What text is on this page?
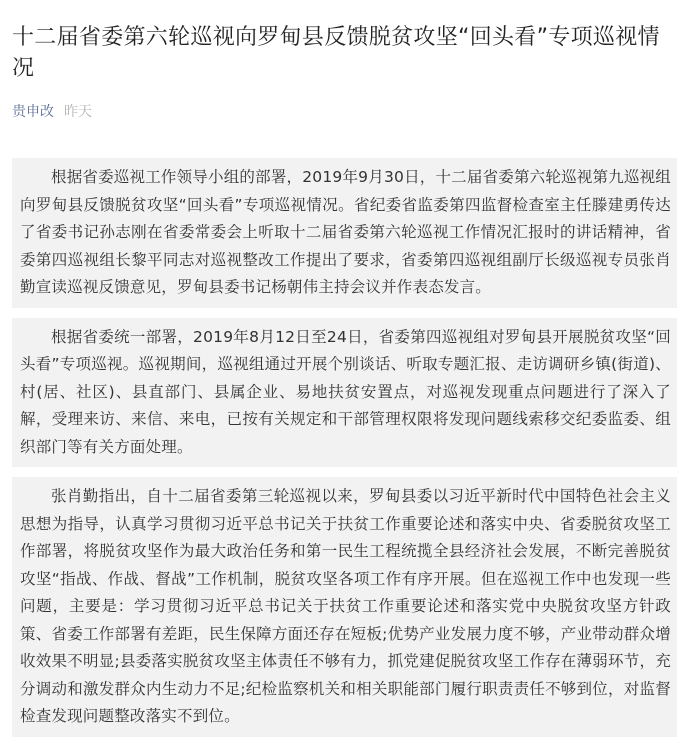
十二届省委第六轮巡视向罗甸县反馈脱贫攻坚“回头看”专项巡视情况
贵申改 昨天

根据省委巡视工作领导小组的部署，2019年9月30日，十二届省委第六轮巡视第九巡视组向罗甸县反馈脱贫攻坚“回头看”专项巡视情况。省纪委省监委第四监督检查室主任滕建勇传达了省委书记孙志刚在省委常委会上听取十二届省委第六轮巡视工作情况汇报时的讲话精神，省委第四巡视组长黎平同志对巡视整改工作提出了要求，省委第四巡视组副厅长级巡视专员张肖勤宣读巡视反馈意见，罗甸县委书记杨朝伟主持会议并作表态发言。

根据省委统一部署，2019年8月12日至24日，省委第四巡视组对罗甸县开展脱贫攻坚“回头看”专项巡视。巡视期间，巡视组通过开展个别谈话、听取专题汇报、走访调研乡镇(街道)、村(居、社区)、县直部门、县属企业、易地扶贫安置点，对巡视发现重点问题进行了深入了解，受理来访、来信、来电，已按有关规定和干部管理权限将发现问题线索移交纪委监委、组织部门等有关方面处理。

张肖勤指出，自十二届省委第三轮巡视以来，罗甸县委以习近平新时代中国特色社会主义思想为指导，认真学习贯彻习近平总书记关于扶贫工作重要论述和落实中央、省委脱贫攻坚工作部署，将脱贫攻坚作为最大政治任务和第一民生工程统揽全县经济社会发展，不断完善脱贫攻坚“指战、作战、督战”工作机制，脱贫攻坚各项工作有序开展。但在巡视工作中也发现一些问题，主要是：学习贯彻习近平总书记关于扶贫工作重要论述和落实党中央脱贫攻坚方针政策、省委工作部署有差距，民生保障方面还存在短板;优势产业发展力度不够，产业带动群众增收效果不明显;县委落实脱贫攻坚主体责任不够有力，抓党建促脱贫攻坚工作存在薄弱环节，充分调动和激发群众内生动力不足;纪检监察机关和相关职能部门履行职责责任不够到位，对监督检查发现问题整改落实不到位。
